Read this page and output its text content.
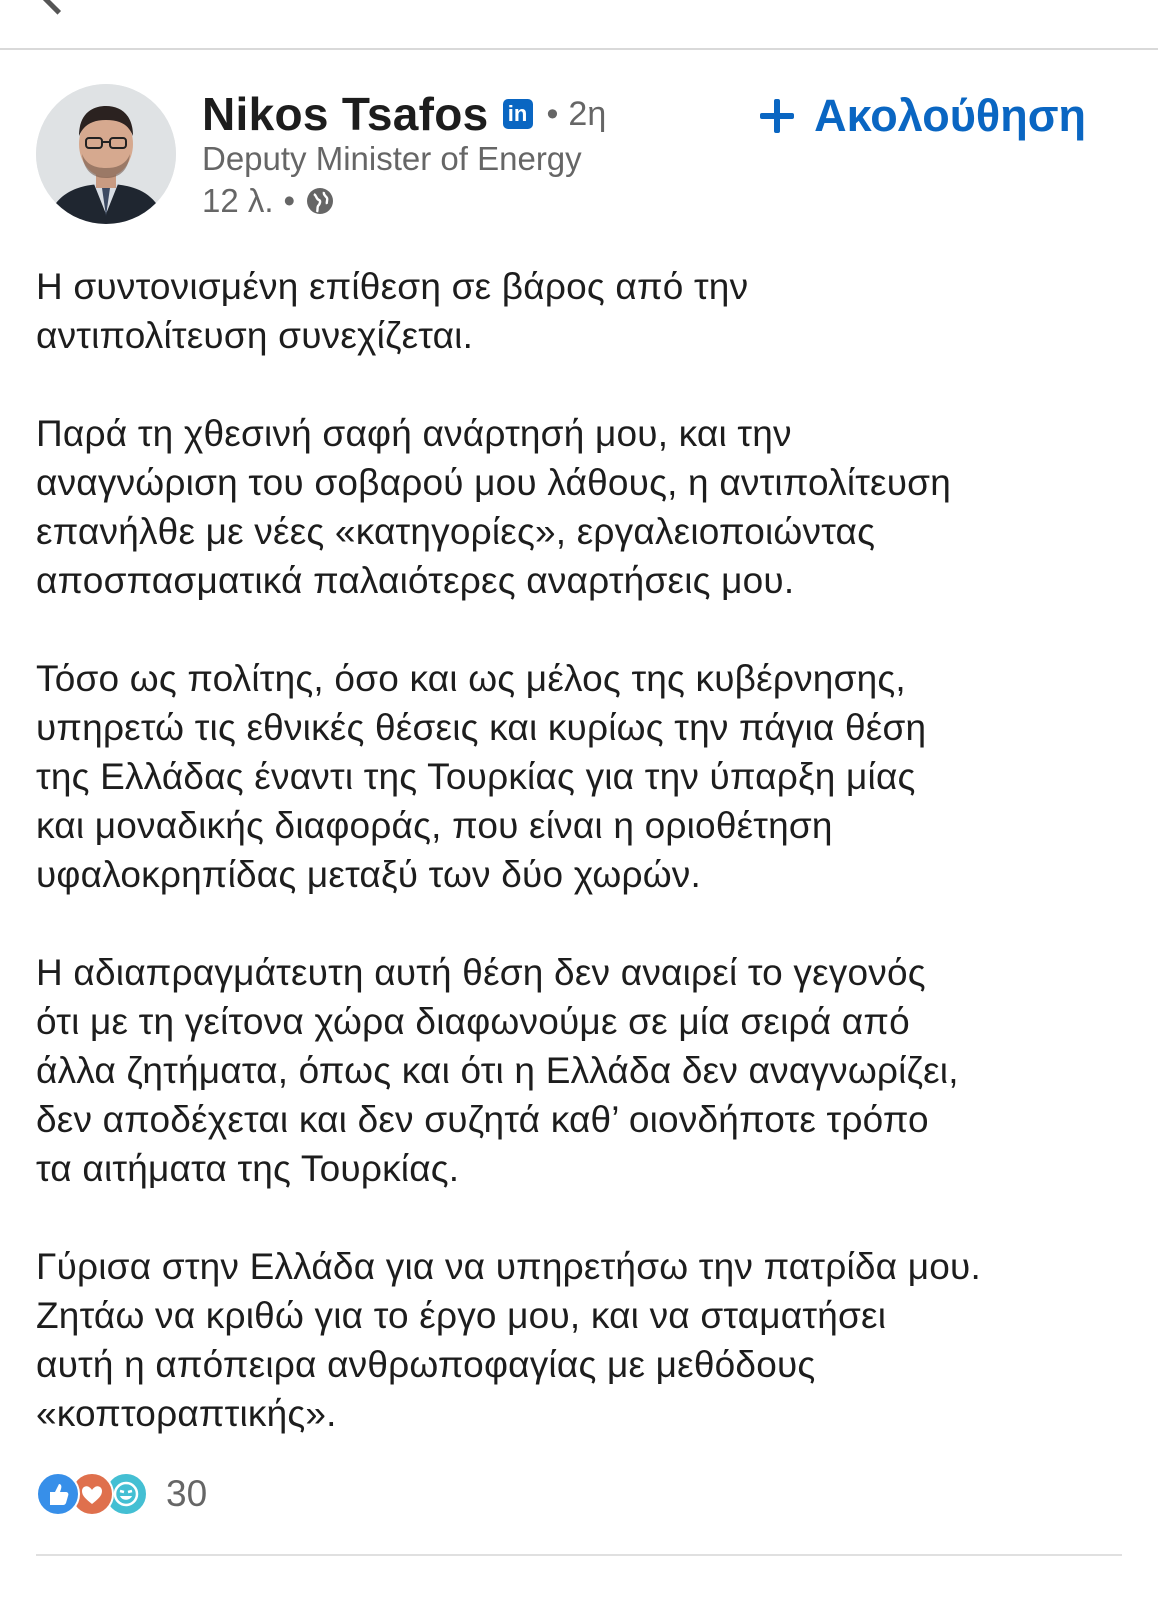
Nikos Tsafos in • 2η
Deputy Minister of Energy
12 λ. •
Ακολούθηση

Η συντονισμένη επίθεση σε βάρος από την
αντιπολίτευση συνεχίζεται.

Παρά τη χθεσινή σαφή ανάρτησή μου, και την
αναγνώριση του σοβαρού μου λάθους, η αντιπολίτευση
επανήλθε με νέες «κατηγορίες», εργαλειοποιώντας
αποσπασματικά παλαιότερες αναρτήσεις μου.

Τόσο ως πολίτης, όσο και ως μέλος της κυβέρνησης,
υπηρετώ τις εθνικές θέσεις και κυρίως την πάγια θέση
της Ελλάδας έναντι της Τουρκίας για την ύπαρξη μίας
και μοναδικής διαφοράς, που είναι η οριοθέτηση
υφαλοκρηπίδας μεταξύ των δύο χωρών.

Η αδιαπραγμάτευτη αυτή θέση δεν αναιρεί το γεγονός
ότι με τη γείτονα χώρα διαφωνούμε σε μία σειρά από
άλλα ζητήματα, όπως και ότι η Ελλάδα δεν αναγνωρίζει,
δεν αποδέχεται και δεν συζητά καθ’ οιονδήποτε τρόπο
τα αιτήματα της Τουρκίας.

Γύρισα στην Ελλάδα για να υπηρετήσω την πατρίδα μου.
Ζητάω να κριθώ για το έργο μου, και να σταματήσει
αυτή η απόπειρα ανθρωποφαγίας με μεθόδους
«κοπτοραπτικής».

30
